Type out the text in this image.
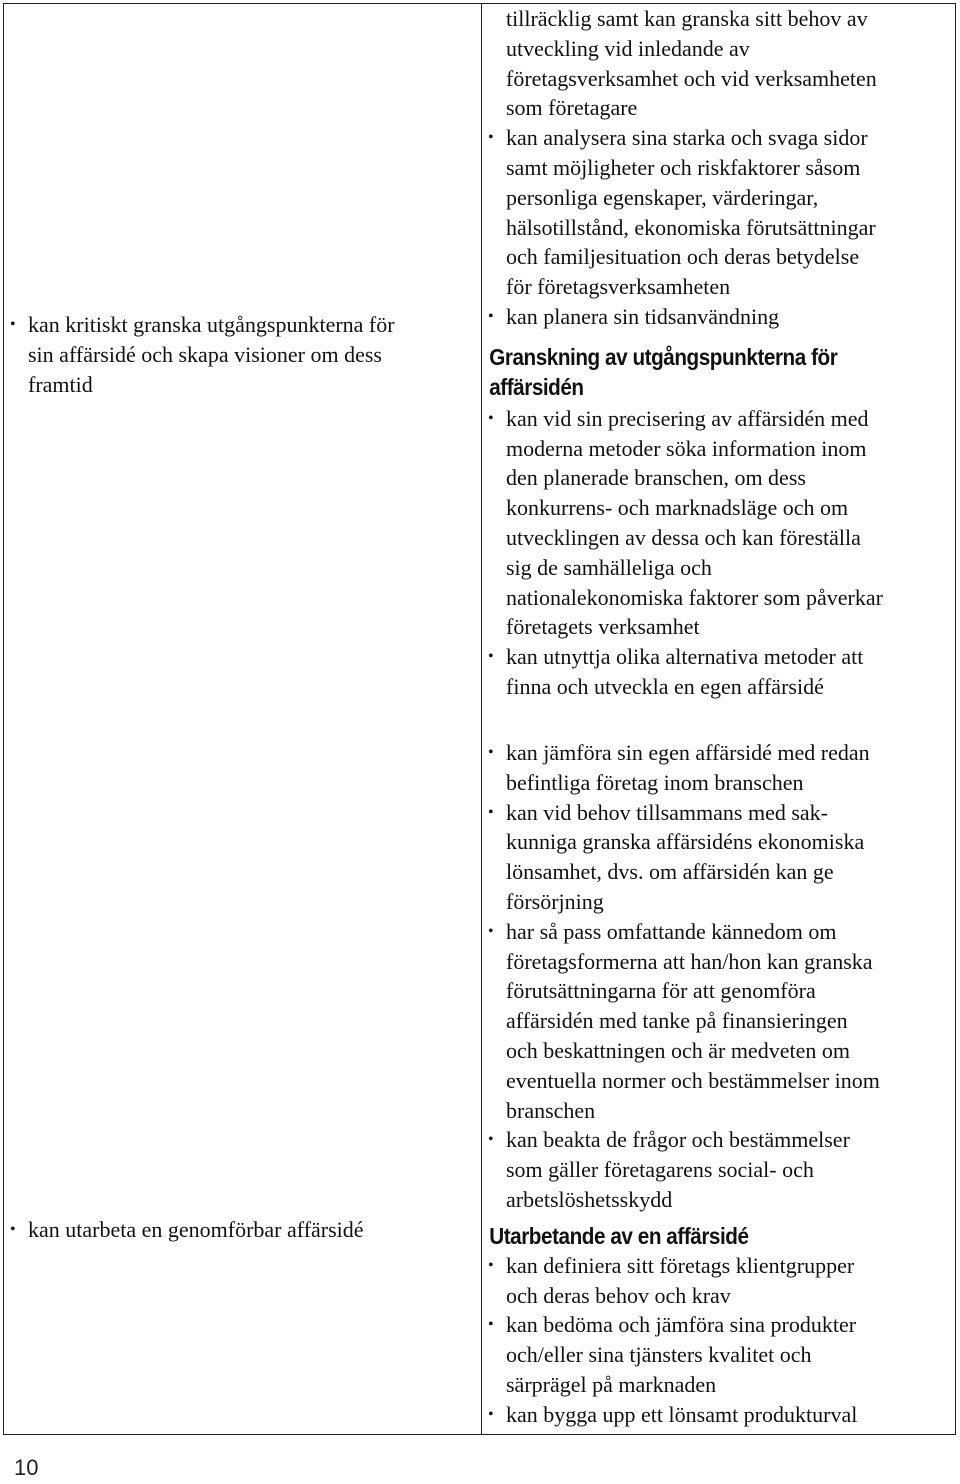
• kan kritiskt granska utgångspunkterna för
sin affärsidé och skapa visioner om dess
framtid
• kan utarbeta en genomförbar affärsidé
tillräcklig samt kan granska sitt behov av
utveckling vid inledande av
företagsverksamhet och vid verksamheten
som företagare
• kan analysera sina starka och svaga sidor
samt möjligheter och riskfaktorer såsom
personliga egenskaper, värderingar,
hälsotillstånd, ekonomiska förutsättningar
och familjesituation och deras betydelse
för företagsverksamheten
• kan planera sin tidsanvändning
Granskning av utgångspunkterna för
affärsidén
• kan vid sin precisering av affärsidén med
moderna metoder söka information inom
den planerade branschen, om dess
konkurrens- och marknadsläge och om
utvecklingen av dessa och kan föreställa
sig de samhälleliga och
nationalekonomiska faktorer som påverkar
företagets verksamhet
• kan utnyttja olika alternativa metoder att
finna och utveckla en egen affärsidé
• kan jämföra sin egen affärsidé med redan
befintliga företag inom branschen
• kan vid behov tillsammans med sak-
kunniga granska affärsidéns ekonomiska
lönsamhet, dvs. om affärsidén kan ge
försörjning
• har så pass omfattande kännedom om
företagsformerna att han/hon kan granska
förutsättningarna för att genomföra
affärsidén med tanke på finansieringen
och beskattningen och är medveten om
eventuella normer och bestämmelser inom
branschen
• kan beakta de frågor och bestämmelser
som gäller företagarens social- och
arbetslöshetsskydd
Utarbetande av en affärsidé
• kan definiera sitt företags klientgrupper
och deras behov och krav
• kan bedöma och jämföra sina produkter
och/eller sina tjänsters kvalitet och
särprägel på marknaden
• kan bygga upp ett lönsamt produkturval
10
